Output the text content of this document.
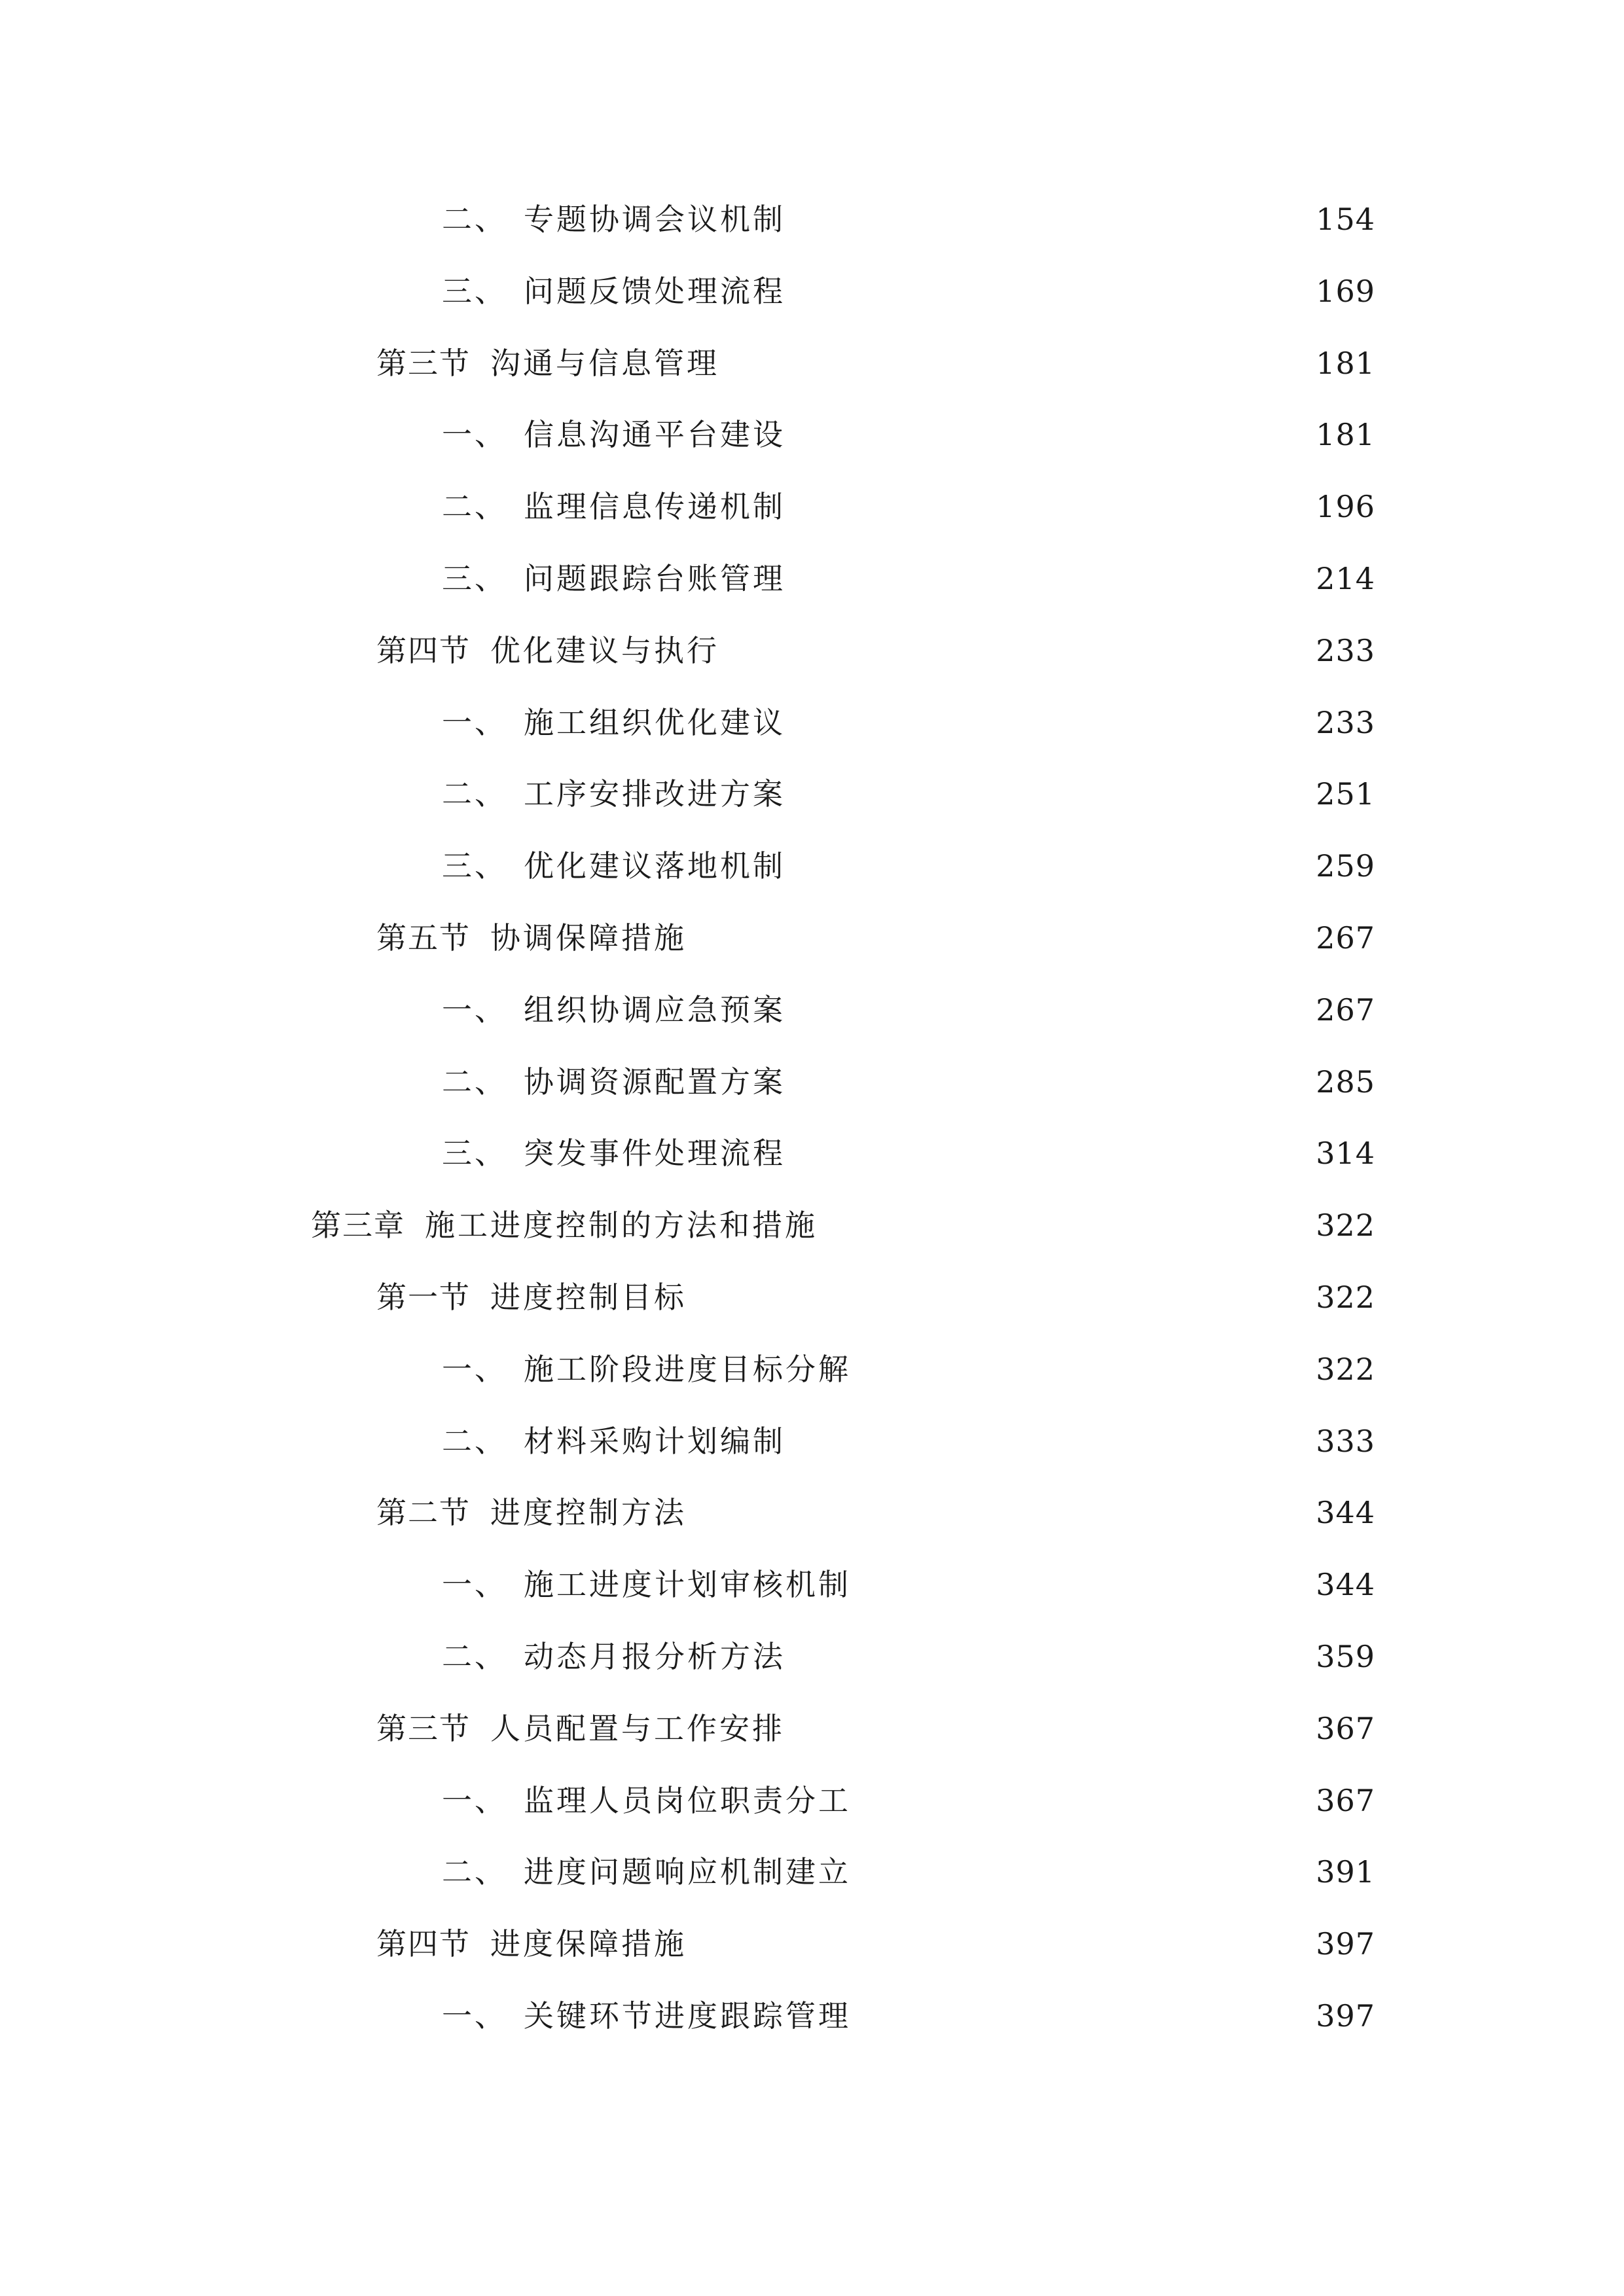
二、 专题协调会议机制	154
三、 问题反馈处理流程	169
第三节 沟通与信息管理	181
一、 信息沟通平台建设	181
二、 监理信息传递机制	196
三、 问题跟踪台账管理	214
第四节 优化建议与执行	233
一、 施工组织优化建议	233
二、 工序安排改进方案	251
三、 优化建议落地机制	259
第五节 协调保障措施	267
一、 组织协调应急预案	267
二、 协调资源配置方案	285
三、 突发事件处理流程	314
第三章 施工进度控制的方法和措施	322
第一节 进度控制目标	322
一、 施工阶段进度目标分解	322
二、 材料采购计划编制	333
第二节 进度控制方法	344
一、 施工进度计划审核机制	344
二、 动态月报分析方法	359
第三节 人员配置与工作安排	367
一、 监理人员岗位职责分工	367
二、 进度问题响应机制建立	391
第四节 进度保障措施	397
一、 关键环节进度跟踪管理	397
